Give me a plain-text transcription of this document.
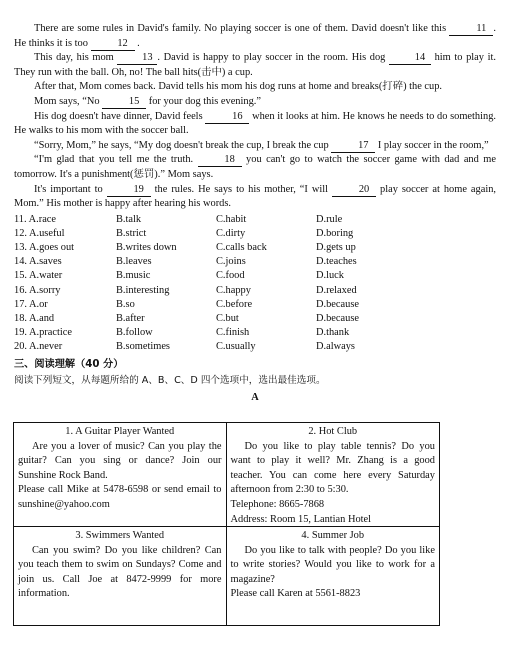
There are some rules in David's family. No playing soccer is one of them. David doesn't like this	11 . He thinks it is too	12 .

This day, his mom	13 . David is happy to play soccer in the room. His dog	14 him to play it. They run with the ball. Oh, no! The ball hits(击中) a cup.

After that, Mom comes back. David tells his mom his dog runs at home and breaks(打碎) the cup.

Mom says, “No	15 for your dog this evening.”

His dog doesn't have dinner, David feels	16 when it looks at him. He knows he needs to do something. He walks to his mom with the soccer ball.

“Sorry, Mom,” he says, “My dog doesn't break the cup, I break the cup	17 I play soccer in the room,”

“I'm glad that you tell me the truth.	18 you can't go to watch the soccer game with dad and me tomorrow. It's a punishment(惩罚).” Mom says.

It's important to	19 the rules. He says to his mother, “I will	20 play soccer at home again, Mom.” His mother is happy after hearing his words.

11. A.race	B.talk	C.habit	D.rule
12. A.useful	B.strict	C.dirty	D.boring
13. A.goes out	B.writes down	C.calls back	D.gets up
14. A.saves	B.leaves	C.joins	D.teaches
15. A.water	B.music	C.food	D.luck
16. A.sorry	B.interesting	C.happy	D.relaxed
17. A.or	B.so	C.before	D.because
18. A.and	B.after	C.but	D.because
19. A.practice	B.follow	C.finish	D.thank
20. A.never	B.sometimes	C.usually	D.always
三、阅读理解（40 分）
阅读下列短文，从每题所给的 A、B、C、D 四个选项中，选出最佳选项。
A
1. A Guitar Player Wanted
Are you a lover of music? Can you play the guitar? Can you sing or dance? Join our Sunshine Rock Band.
Please call Mike at 5478-6598 or send email to sunshine@yahoo.com
2. Hot Club
Do you like to play table tennis? Do you want to play it well? Mr. Zhang is a good teacher. You can come here every Saturday afternoon from 2:30 to 5:30.
Telephone: 8665-7868
Address: Room 15, Lantian Hotel
3. Swimmers Wanted
Can you swim? Do you like children? Can you teach them to swim on Sundays? Come and join us. Call Joe at 8472-9999 for more information.
4. Summer Job
Do you like to talk with people? Do you like to write stories? Would you like to work for a magazine?
Please call Karen at 5561-8823
